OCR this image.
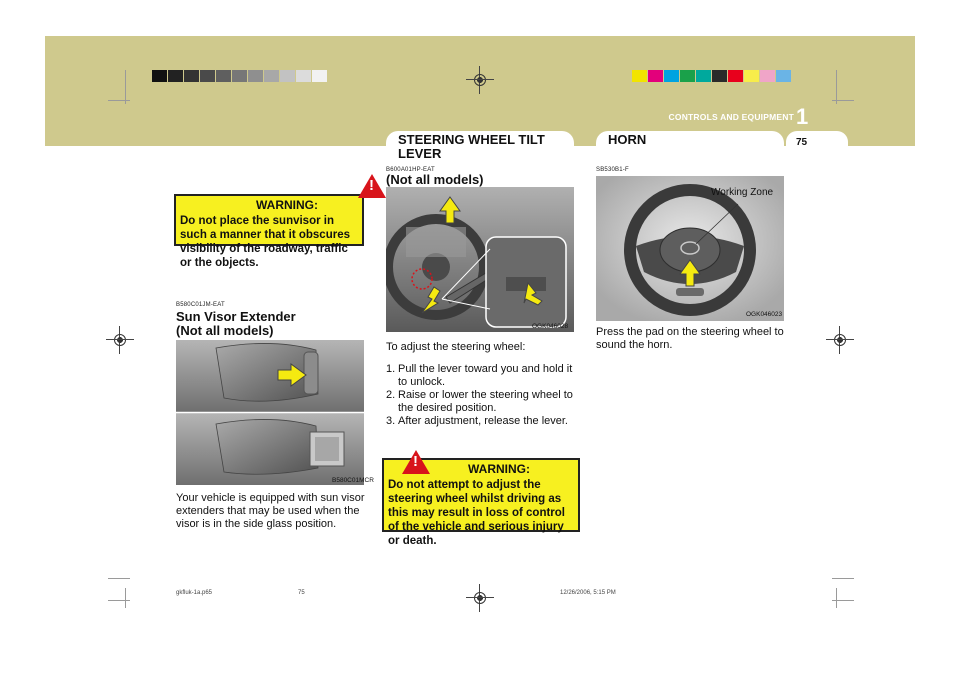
CONTROLS AND EQUIPMENT 1
75
STEERING WHEEL TILT
LEVER
HORN
!
WARNING:
Do not place the sunvisor in such a manner that it obscures visibility of the roadway, traffic or the objects.
B580C01JM-EAT
Sun Visor Extender
(Not all models)
B580C01MCR
Your vehicle is equipped with sun visor extenders that may be used when the visor is in the side glass position.
B600A01HP-EAT
(Not all models)
OGK046028
To adjust the steering wheel:
1. Pull the lever toward you and hold it to unlock.
2. Raise or lower the steering wheel to the desired position.
3. After adjustment, release the lever.
!	WARNING:
Do not attempt to adjust the steering wheel whilst driving as this may result in loss of control of the vehicle and serious injury or death.
SB530B1-F
Working Zone
OGK046023
Press the pad on the steering wheel to sound the horn.
gkfluk-1a.p65	75	12/26/2006, 5:15 PM
